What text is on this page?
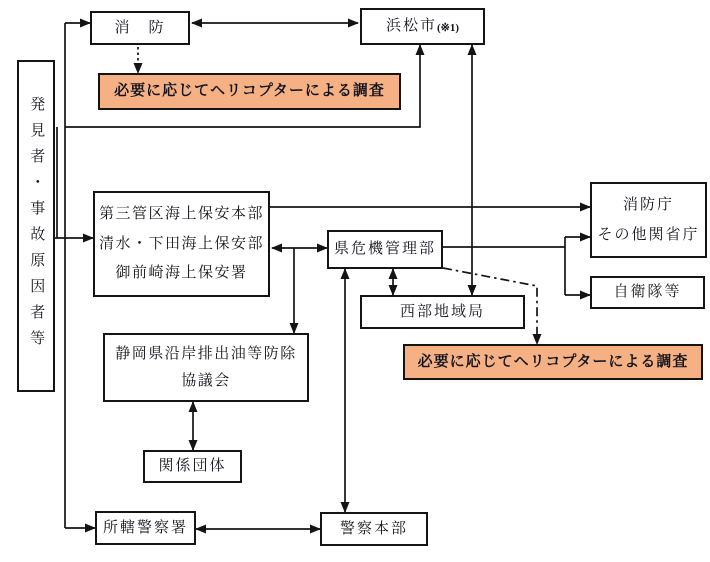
消　防	浜松市 (※1)
必要に応じてヘリコプターによる調査
発見者・事故原因者等	第三管区海上保安本部
清水・下田海上保安部
御前崎海上保安署
県危機管理部
消防庁
その他関省庁
自衛隊等
西部地域局
必要に応じてヘリコプターによる調査
静岡県沿岸排出油等防除
協議会
関係団体
所轄警察署	警察本部
